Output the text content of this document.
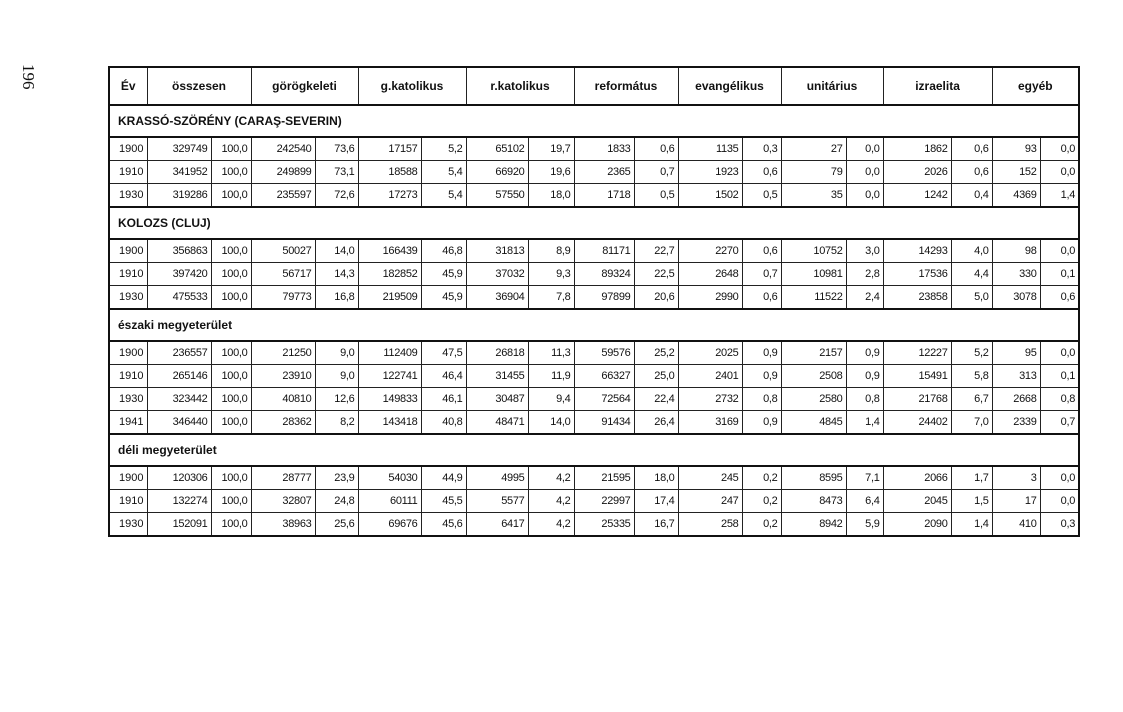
196	Év	összesen		görögkeleti		g.katolikus		r.katolikus		református		evangélikus		unitárius		izraelita		egyéb	
KRASSÓ-SZÖRÉNY (CARAŞ-SEVERIN)																		
1900	329749	100,0	242540	73,6	17157	5,2	65102	19,7	1833	0,6	1135	0,3	27	0,0	1862	0,6	93	0,0
1910	341952	100,0	249899	73,1	18588	5,4	66920	19,6	2365	0,7	1923	0,6	79	0,0	2026	0,6	152	0,0
1930	319286	100,0	235597	72,6	17273	5,4	57550	18,0	1718	0,5	1502	0,5	35	0,0	1242	0,4	4369	1,4
KOLOZS (CLUJ)																		
1900	356863	100,0	50027	14,0	166439	46,8	31813	8,9	81171	22,7	2270	0,6	10752	3,0	14293	4,0	98	0,0
1910	397420	100,0	56717	14,3	182852	45,9	37032	9,3	89324	22,5	2648	0,7	10981	2,8	17536	4,4	330	0,1
1930	475533	100,0	79773	16,8	219509	45,9	36904	7,8	97899	20,6	2990	0,6	11522	2,4	23858	5,0	3078	0,6
északi megyeterület																		
1900	236557	100,0	21250	9,0	112409	47,5	26818	11,3	59576	25,2	2025	0,9	2157	0,9	12227	5,2	95	0,0
1910	265146	100,0	23910	9,0	122741	46,4	31455	11,9	66327	25,0	2401	0,9	2508	0,9	15491	5,8	313	0,1
1930	323442	100,0	40810	12,6	149833	46,1	30487	9,4	72564	22,4	2732	0,8	2580	0,8	21768	6,7	2668	0,8
1941	346440	100,0	28362	8,2	143418	40,8	48471	14,0	91434	26,4	3169	0,9	4845	1,4	24402	7,0	2339	0,7
déli megyeterület																		
1900	120306	100,0	28777	23,9	54030	44,9	4995	4,2	21595	18,0	245	0,2	8595	7,1	2066	1,7	3	0,0
1910	132274	100,0	32807	24,8	60111	45,5	5577	4,2	22997	17,4	247	0,2	8473	6,4	2045	1,5	17	0,0
1930	152091	100,0	38963	25,6	69676	45,6	6417	4,2	25335	16,7	258	0,2	8942	5,9	2090	1,4	410	0,3
